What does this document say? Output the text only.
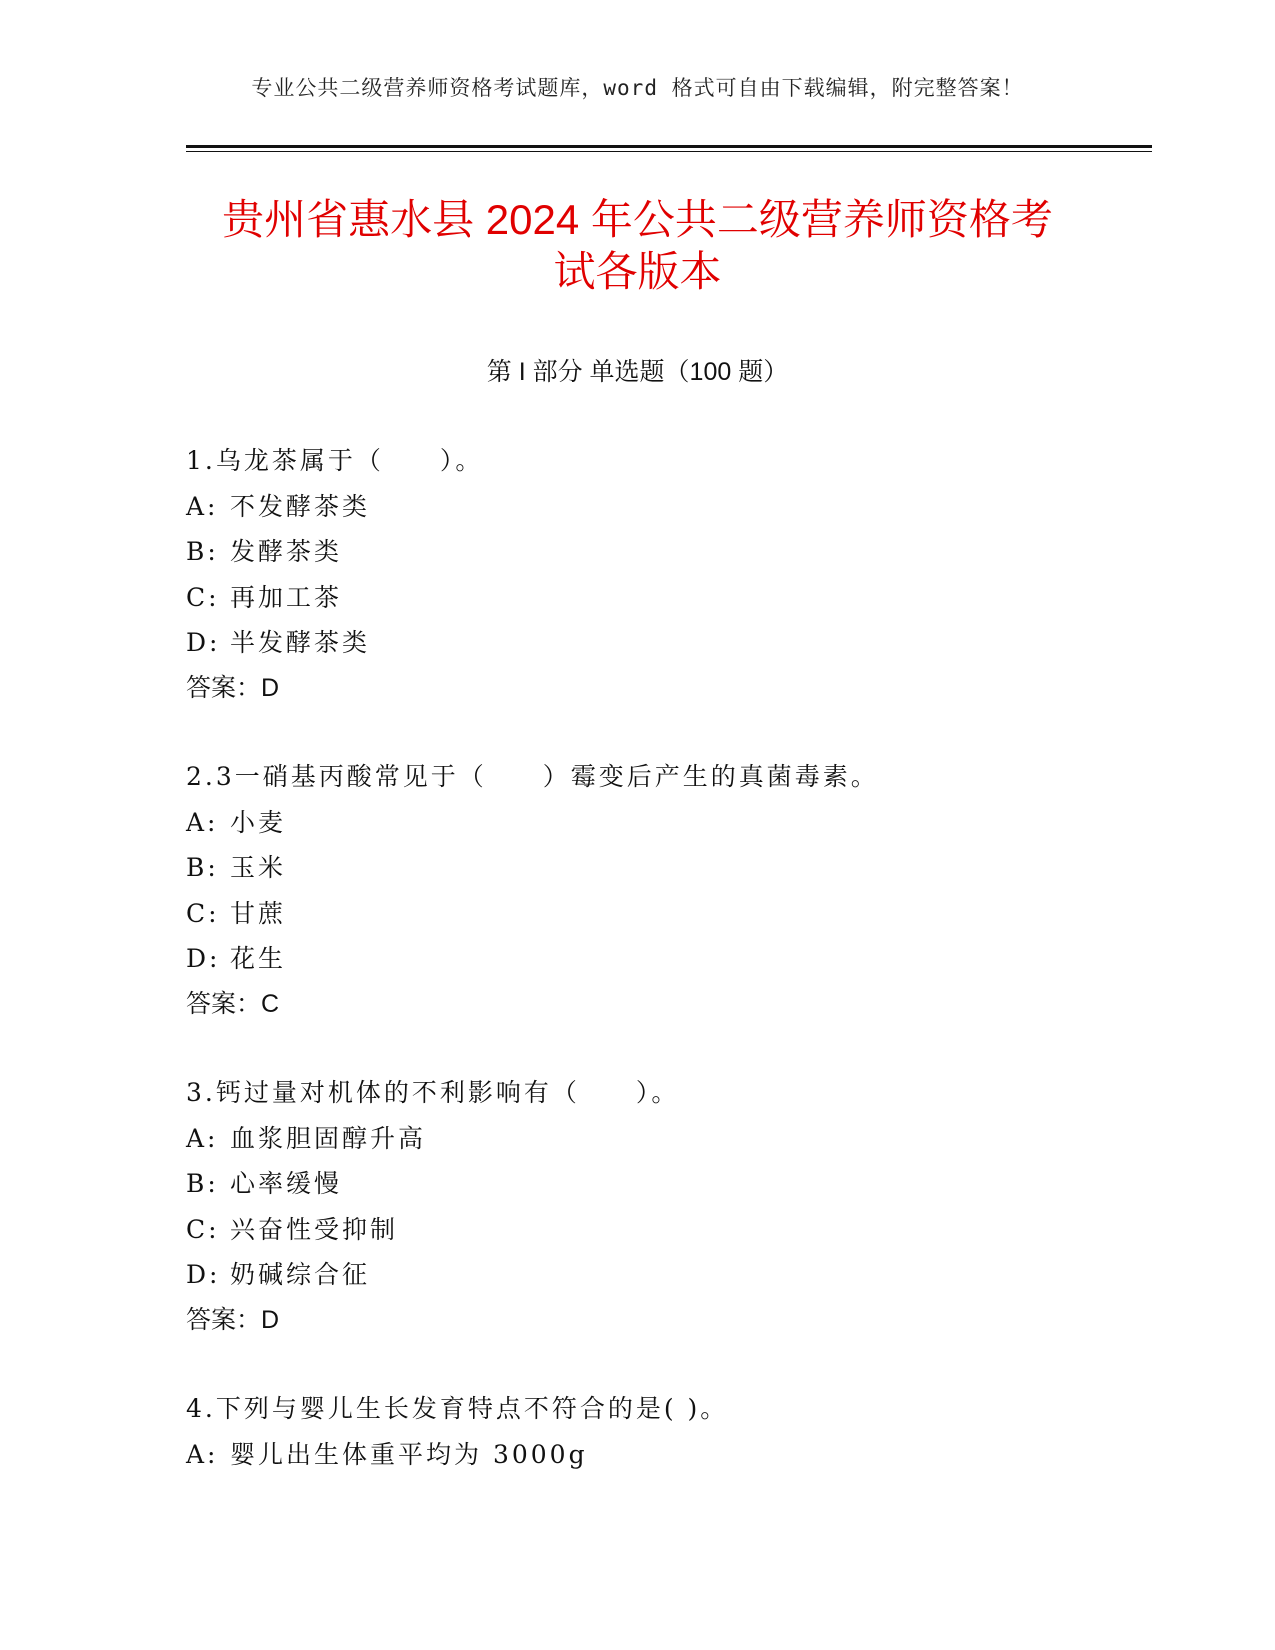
专业公共二级营养师资格考试题库，word 格式可自由下载编辑，附完整答案！
贵州省惠水县 2024 年公共二级营养师资格考
试各版本
第 I 部分 单选题（100 题）
1.乌龙茶属于（　　）。
A: 不发酵茶类
B: 发酵茶类
C: 再加工茶
D: 半发酵茶类
答案：D
2.3一硝基丙酸常见于（　　）霉变后产生的真菌毒素。
A: 小麦
B: 玉米
C: 甘蔗
D: 花生
答案：C
3.钙过量对机体的不利影响有（　　）。
A: 血浆胆固醇升高
B: 心率缓慢
C: 兴奋性受抑制
D: 奶碱综合征
答案：D
4.下列与婴儿生长发育特点不符合的是( )。
A: 婴儿出生体重平均为 3000g
